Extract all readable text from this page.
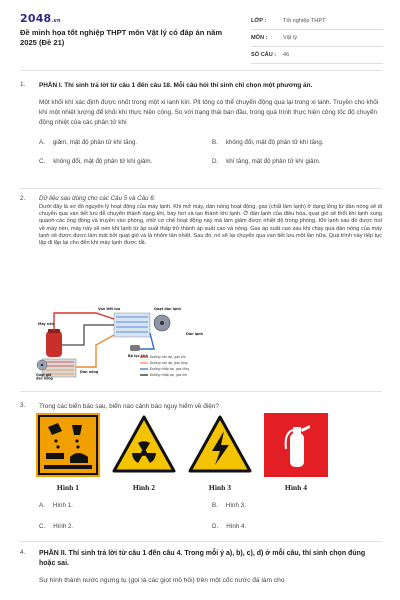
2048.vn
Đề minh họa tốt nghiệp THPT môn Vật lý có đáp án năm 2025 (Đề 21)
LỚP :	Tốt nghiệp THPT
MÔN :	Vật lý
SỐ CÂU :	46
1. PHẦN I. Thí sinh trả lời từ câu 1 đến câu 18. Mỗi câu hỏi thí sinh chỉ chọn một phương án.
Một khối khí xác định được nhốt trong một xi lanh kín. Pit tông có thể chuyển động qua lại trong xi lanh. Truyền cho khối khí một nhiệt lượng để khối khí thực hiện công. So với trạng thái ban đầu, trong quá trình thực hiện công tốc độ chuyển động nhiệt của các phân tử khí
A. giảm, mật độ phân tử khí tăng.	B. không đổi, mật độ phân tử khí tăng.
C. không đổi, mật độ phân tử khí giảm.	D. khí tăng, mật độ phân tử khí giảm.
2. Dữ liệu sau dùng cho các Câu 5 và Câu 6:
Dưới đây là sơ đồ nguyên lý hoạt động của máy lạnh. Khi mở máy, dàn nóng hoạt động, gas (chất làm lạnh) ở dạng lỏng từ dàn nóng sẽ di chuyển qua van tiết lưu để chuyển thành dạng khí, bay hơi và tạo thành khí lạnh. Ở dàn lạnh của điều hòa, quạt gió sẽ thổi khí lạnh xung quanh các ống đồng và truyền vào phòng, nhờ cơ chế hoạt động này mà làm giảm được nhiệt độ trong phòng. Khi lạnh sau đó được hút về máy nén, máy này sẽ nén khí lạnh từ áp suất thấp trở thành áp suất cao và nóng. Gas áp suất cao sau khi chạy qua dàn nóng của máy lạnh sẽ được được làm mát bởi quạt gió và lá nhôm tản nhiệt. Sau đó, nó sẽ lại chuyển qua van tiết lưu một lần nữa. Quá trình này tiếp tục lặp đi lặp lại cho đến khi máy lạnh được tắt.
Van tiết lưu
Máy nén
Quạt dàn lạnh
Bộ lọc khô
Dàn lạnh
Dàn nóng
Quạt gió dàn nóng
Đường cao áp, gas khí
Đường cao áp, gas lỏng
Đường thấp áp, gas lỏng
Đường thấp áp, gas khí
3. Trong các biển báo sau, biển nào cảnh báo nguy hiểm về điện?
Hình 1	Hình 2	Hình 3	Hình 4
A. Hình 1.	B. Hình 3.
C. Hình 2.	D. Hình 4.
4. PHẦN II. Thí sinh trả lời từ câu 1 đến câu 4. Trong mỗi ý a), b), c), d) ở mỗi câu, thí sinh chọn đúng hoặc sai.
Sự hình thành nước ngưng tụ (gọi là các giọt mồ hôi) trên một cốc nước đá làm cho
